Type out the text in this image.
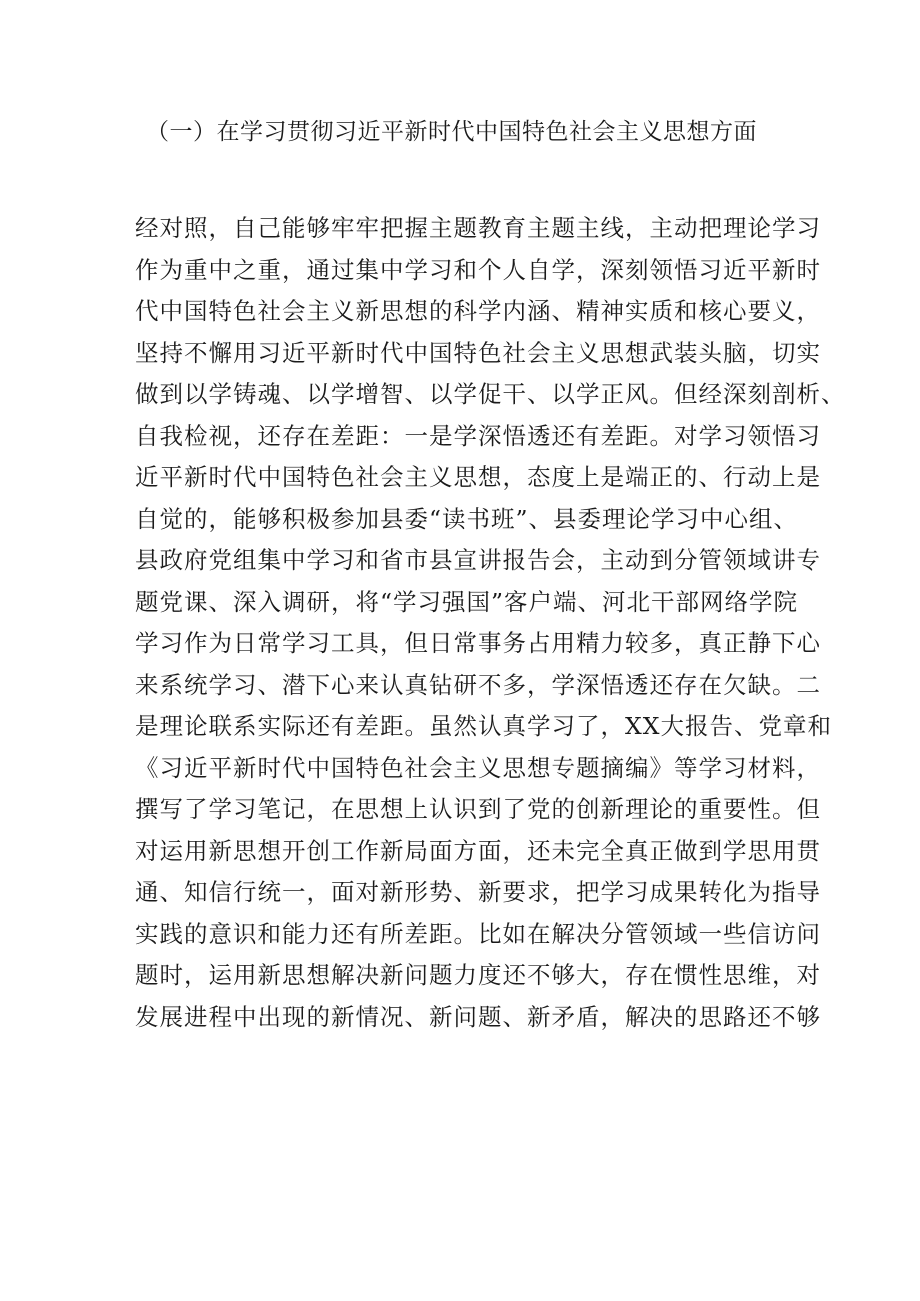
（一）在学习贯彻习近平新时代中国特色社会主义思想方面
经对照，自己能够牢牢把握主题教育主题主线，主动把理论学习
作为重中之重，通过集中学习和个人自学，深刻领悟习近平新时
代中国特色社会主义新思想的科学内涵、精神实质和核心要义，
坚持不懈用习近平新时代中国特色社会主义思想武装头脑，切实
做到以学铸魂、以学增智、以学促干、以学正风。但经深刻剖析、
自我检视，还存在差距：一是学深悟透还有差距。对学习领悟习
近平新时代中国特色社会主义思想，态度上是端正的、行动上是
自觉的，能够积极参加县委“读书班”、县委理论学习中心组、
县政府党组集中学习和省市县宣讲报告会，主动到分管领域讲专
题党课、深入调研，将“学习强国”客户端、河北干部网络学院
学习作为日常学习工具，但日常事务占用精力较多，真正静下心
来系统学习、潜下心来认真钻研不多，学深悟透还存在欠缺。二
是理论联系实际还有差距。虽然认真学习了，XX大报告、党章和
《习近平新时代中国特色社会主义思想专题摘编》等学习材料，
撰写了学习笔记，在思想上认识到了党的创新理论的重要性。但
对运用新思想开创工作新局面方面，还未完全真正做到学思用贯
通、知信行统一，面对新形势、新要求，把学习成果转化为指导
实践的意识和能力还有所差距。比如在解决分管领域一些信访问
题时，运用新思想解决新问题力度还不够大，存在惯性思维，对
发展进程中出现的新情况、新问题、新矛盾，解决的思路还不够
